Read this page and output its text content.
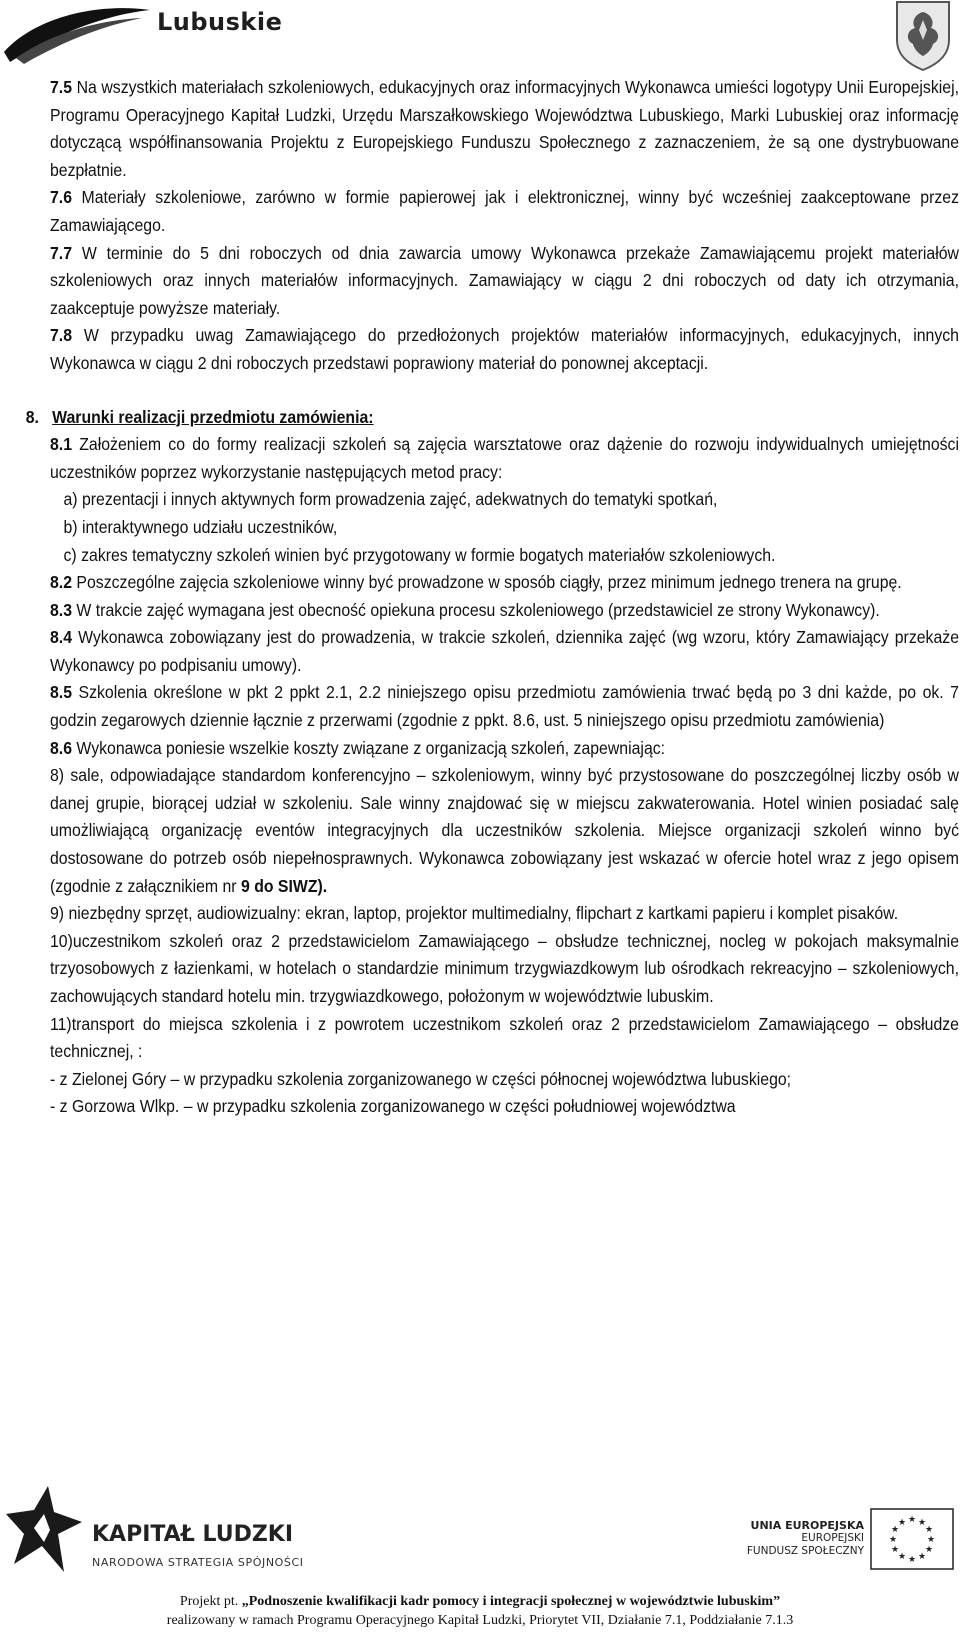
Lubuskie

7.5 Na wszystkich materiałach szkoleniowych, edukacyjnych oraz informacyjnych Wykonawca umieści logotypy Unii Europejskiej, Programu Operacyjnego Kapitał Ludzki, Urzędu Marszałkowskiego Województwa Lubuskiego, Marki Lubuskiej oraz informację dotyczącą współfinansowania Projektu z Europejskiego Funduszu Społecznego z zaznaczeniem, że są one dystrybuowane bezpłatnie.

7.6 Materiały szkoleniowe, zarówno w formie papierowej jak i elektronicznej, winny być wcześniej zaakceptowane przez Zamawiającego.

7.7 W terminie do 5 dni roboczych od dnia zawarcia umowy Wykonawca przekaże Zamawiającemu projekt materiałów szkoleniowych oraz innych materiałów informacyjnych. Zamawiający w ciągu 2 dni roboczych od daty ich otrzymania, zaakceptuje powyższe materiały.

7.8 W przypadku uwag Zamawiającego do przedłożonych projektów materiałów informacyjnych, edukacyjnych, innych Wykonawca w ciągu 2 dni roboczych przedstawi poprawiony materiał do ponownej akceptacji.

8. Warunki realizacji przedmiotu zamówienia:

8.1 Założeniem co do formy realizacji szkoleń są zajęcia warsztatowe oraz dążenie do rozwoju indywidualnych umiejętności uczestników poprzez wykorzystanie następujących metod pracy:

a) prezentacji i innych aktywnych form prowadzenia zajęć, adekwatnych do tematyki spotkań,

b) interaktywnego udziału uczestników,

c) zakres tematyczny szkoleń winien być przygotowany w formie bogatych materiałów szkoleniowych.

8.2 Poszczególne zajęcia szkoleniowe winny być prowadzone w sposób ciągły, przez minimum jednego trenera na grupę.

8.3 W trakcie zajęć wymagana jest obecność opiekuna procesu szkoleniowego (przedstawiciel ze strony Wykonawcy).

8.4 Wykonawca zobowiązany jest do prowadzenia, w trakcie szkoleń, dziennika zajęć (wg wzoru, który Zamawiający przekaże Wykonawcy po podpisaniu umowy).

8.5 Szkolenia określone w pkt 2 ppkt 2.1, 2.2 niniejszego opisu przedmiotu zamówienia trwać będą po 3 dni każde, po ok. 7 godzin zegarowych dziennie łącznie z przerwami (zgodnie z ppkt. 8.6, ust. 5 niniejszego opisu przedmiotu zamówienia)

8.6 Wykonawca poniesie wszelkie koszty związane z organizacją szkoleń, zapewniając:

8) sale, odpowiadające standardom konferencyjno – szkoleniowym, winny być przystosowane do poszczególnej liczby osób w danej grupie, biorącej udział w szkoleniu. Sale winny znajdować się w miejscu zakwaterowania. Hotel winien posiadać salę umożliwiającą organizację eventów integracyjnych dla uczestników szkolenia. Miejsce organizacji szkoleń winno być dostosowane do potrzeb osób niepełnosprawnych. Wykonawca zobowiązany jest wskazać w ofercie hotel wraz z jego opisem (zgodnie z załącznikiem nr 9 do SIWZ).

9) niezbędny sprzęt, audiowizualny: ekran, laptop, projektor multimedialny, flipchart z kartkami papieru i komplet pisaków.

10)uczestnikom szkoleń oraz 2 przedstawicielom Zamawiającego – obsłudze technicznej, nocleg w pokojach maksymalnie trzyosobowych z łazienkami, w hotelach o standardzie minimum trzygwiazdkowym lub ośrodkach rekreacyjno – szkoleniowych, zachowujących standard hotelu min. trzygwiazdkowego, położonym w województwie lubuskim.

11)transport do miejsca szkolenia i z powrotem uczestnikom szkoleń oraz 2 przedstawicielom Zamawiającego – obsłudze technicznej, :

- z Zielonej Góry – w przypadku szkolenia zorganizowanego w części północnej województwa lubuskiego;

- z Gorzowa Wlkp. – w przypadku szkolenia zorganizowanego w części południowej województwa

KAPITAŁ LUDZKI
NARODOWA STRATEGIA SPÓJNOŚCI
UNIA EUROPEJSKA
EUROPEJSKI
FUNDUSZ SPOŁECZNY
★ ★
★
★
★
★
★
★
★
★
★
★
Projekt pt. „Podnoszenie kwalifikacji kadr pomocy i integracji społecznej w województwie lubuskim”
realizowany w ramach Programu Operacyjnego Kapitał Ludzki, Priorytet VII, Działanie 7.1, Poddziałanie 7.1.3
